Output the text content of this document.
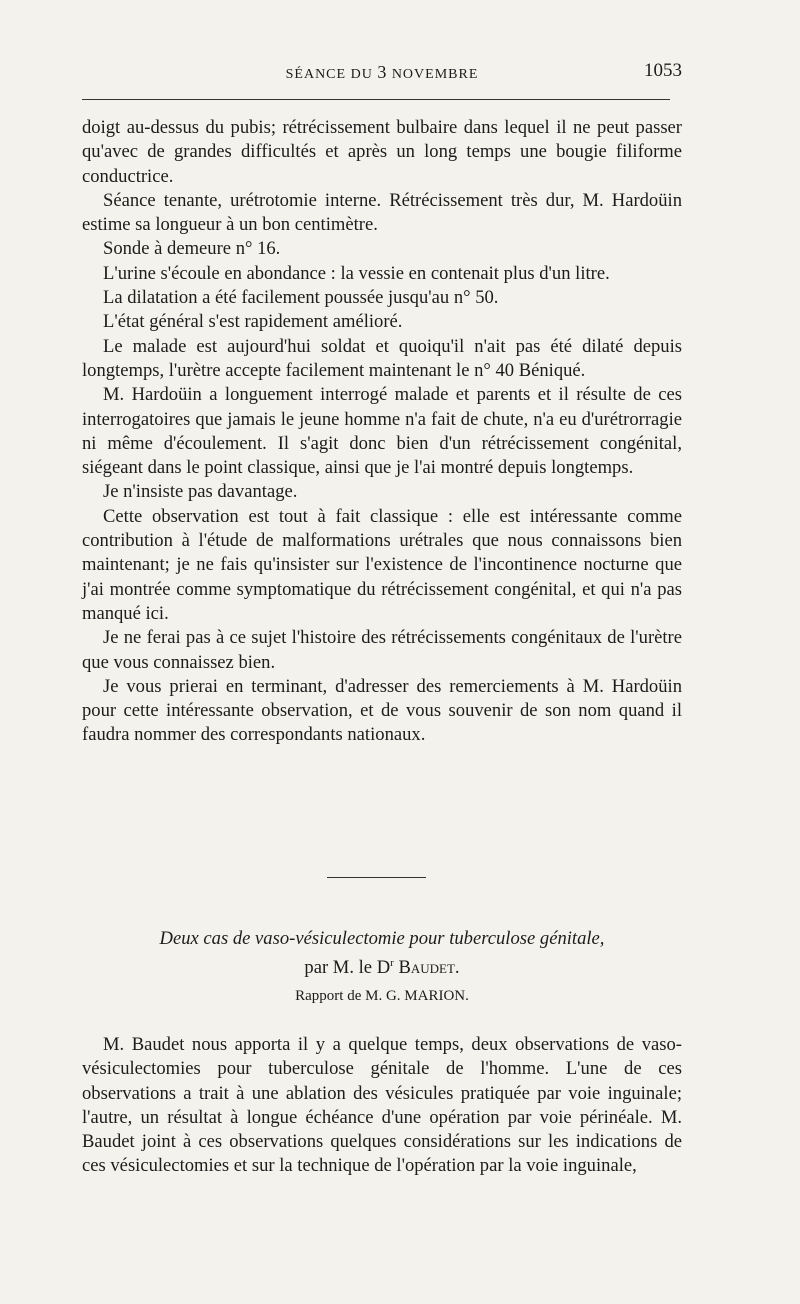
SÉANCE DU 3 NOVEMBRE	1053

doigt au-dessus du pubis; rétrécissement bulbaire dans lequel il ne peut passer qu'avec de grandes difficultés et après un long temps une bougie filiforme conductrice.

Séance tenante, urétrotomie interne. Rétrécissement très dur, M. Hardoüin estime sa longueur à un bon centimètre.

Sonde à demeure n° 16.

L'urine s'écoule en abondance : la vessie en contenait plus d'un litre.

La dilatation a été facilement poussée jusqu'au n° 50.

L'état général s'est rapidement amélioré.

Le malade est aujourd'hui soldat et quoiqu'il n'ait pas été dilaté depuis longtemps, l'urètre accepte facilement maintenant le n° 40 Béniqué.

M. Hardoüin a longuement interrogé malade et parents et il résulte de ces interrogatoires que jamais le jeune homme n'a fait de chute, n'a eu d'urétrorragie ni même d'écoulement. Il s'agit donc bien d'un rétrécissement congénital, siégeant dans le point classique, ainsi que je l'ai montré depuis longtemps.

Je n'insiste pas davantage.

Cette observation est tout à fait classique : elle est intéressante comme contribution à l'étude de malformations urétrales que nous connaissons bien maintenant; je ne fais qu'insister sur l'existence de l'incontinence nocturne que j'ai montrée comme symptomatique du rétrécissement congénital, et qui n'a pas manqué ici.

Je ne ferai pas à ce sujet l'histoire des rétrécissements congénitaux de l'urètre que vous connaissez bien.

Je vous prierai en terminant, d'adresser des remerciements à M. Hardoüin pour cette intéressante observation, et de vous souvenir de son nom quand il faudra nommer des correspondants nationaux.

Deux cas de vaso-vésiculectomie pour tuberculose génitale,
par M. le $D^r$ Baudet.
Rapport de M. G. MARION.

M. Baudet nous apporta il y a quelque temps, deux observations de vaso-vésiculectomies pour tuberculose génitale de l'homme. L'une de ces observations a trait à une ablation des vésicules pratiquée par voie inguinale; l'autre, un résultat à longue échéance d'une opération par voie périnéale. M. Baudet joint à ces observations quelques considérations sur les indications de ces vésiculectomies et sur la technique de l'opération par la voie inguinale,
